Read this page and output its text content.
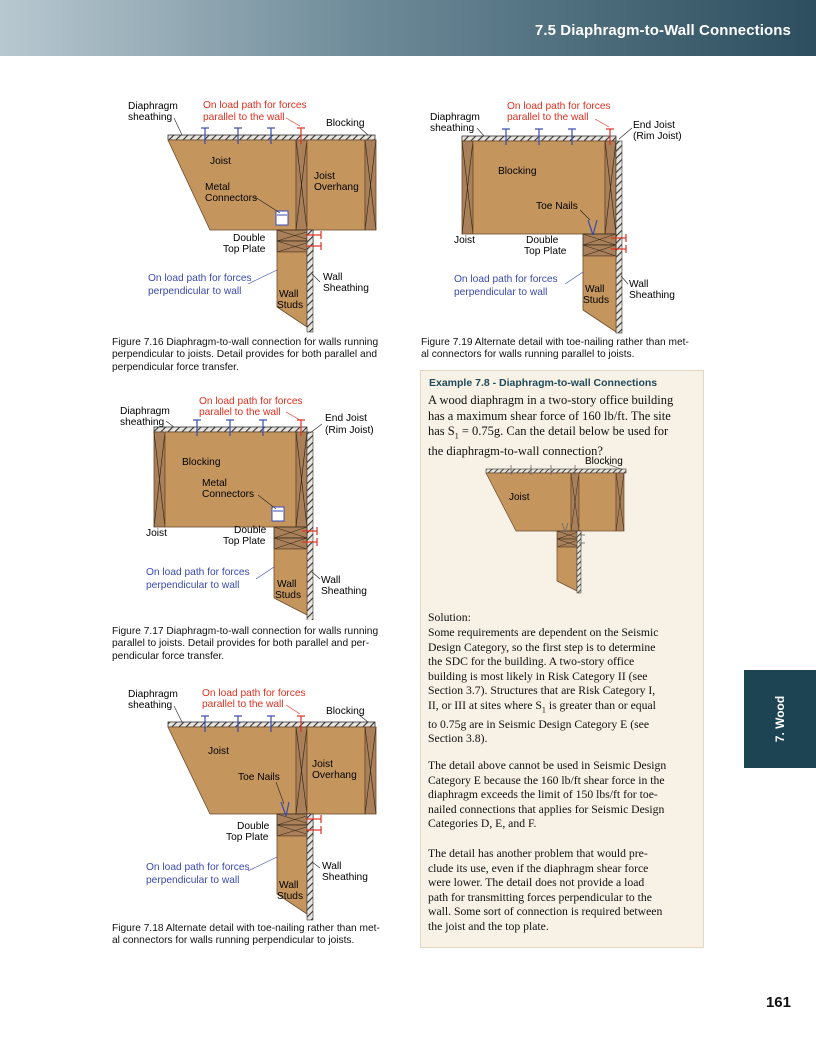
7.5 Diaphragm-to-Wall Connections
7. Wood
Diaphragm
sheathing
On load path for forces
parallel to the wall
Blocking
Joist
Joist
Overhang
Metal
Connectors
Double
Top Plate
On load path for forces
perpendicular to wall
Wall
Sheathing
Wall
Studs
Figure 7.16 Diaphragm-to-wall connection for walls running
perpendicular to joists. Detail provides for both parallel and
perpendicular force transfer.
Diaphragm
sheathing
On load path for forces
parallel to the wall
End Joist
(Rim Joist)
Blocking
Metal
Connectors
Joist	Double
Top Plate
On load path for forces
perpendicular to wall	Wall
Sheathing
Wall
Studs
Figure 7.17 Diaphragm-to-wall connection for walls running
parallel to joists. Detail provides for both parallel and per-
pendicular force transfer.
Diaphragm
sheathing
On load path for forces
parallel to the wall
Blocking
Joist
Joist
Overhang
Toe Nails
Double
Top Plate
On load path for forces
perpendicular to wall
Wall
Sheathing
Wall
Studs
Figure 7.18 Alternate detail with toe-nailing rather than met-
al connectors for walls running perpendicular to joists.
Diaphragm
sheathing
On load path for forces
parallel to the wall
End Joist
(Rim Joist)
Blocking
Toe Nails
Joist	Double
Top Plate
On load path for forces
perpendicular to wall
Wall
Sheathing
Wall
Studs
Figure 7.19 Alternate detail with toe-nailing rather than met-
al connectors for walls running parallel to joists.
Example 7.8 - Diaphragm-to-wall Connections
A wood diaphragm in a two-story office building
has a maximum shear force of 160 lb/ft. The site
has $S_1 = 0.75g$. Can the detail below be used for
the diaphragm-to-wall connection?
Blocking
Joist
Solution:
Some requirements are dependent on the Seismic
Design Category, so the first step is to determine
the SDC for the building. A two-story office
building is most likely in Risk Category II (see
Section 3.7). Structures that are Risk Category I,
II, or III at sites where $S_1$ is greater than or equal
to 0.75g are in Seismic Design Category E (see
Section 3.8).
The detail above cannot be used in Seismic Design
Category E because the 160 lb/ft shear force in the
diaphragm exceeds the limit of 150 lbs/ft for toe-
nailed connections that applies for Seismic Design
Categories D, E, and F.
The detail has another problem that would pre-
clude its use, even if the diaphragm shear force
were lower. The detail does not provide a load
path for transmitting forces perpendicular to the
wall. Some sort of connection is required between
the joist and the top plate.
161
